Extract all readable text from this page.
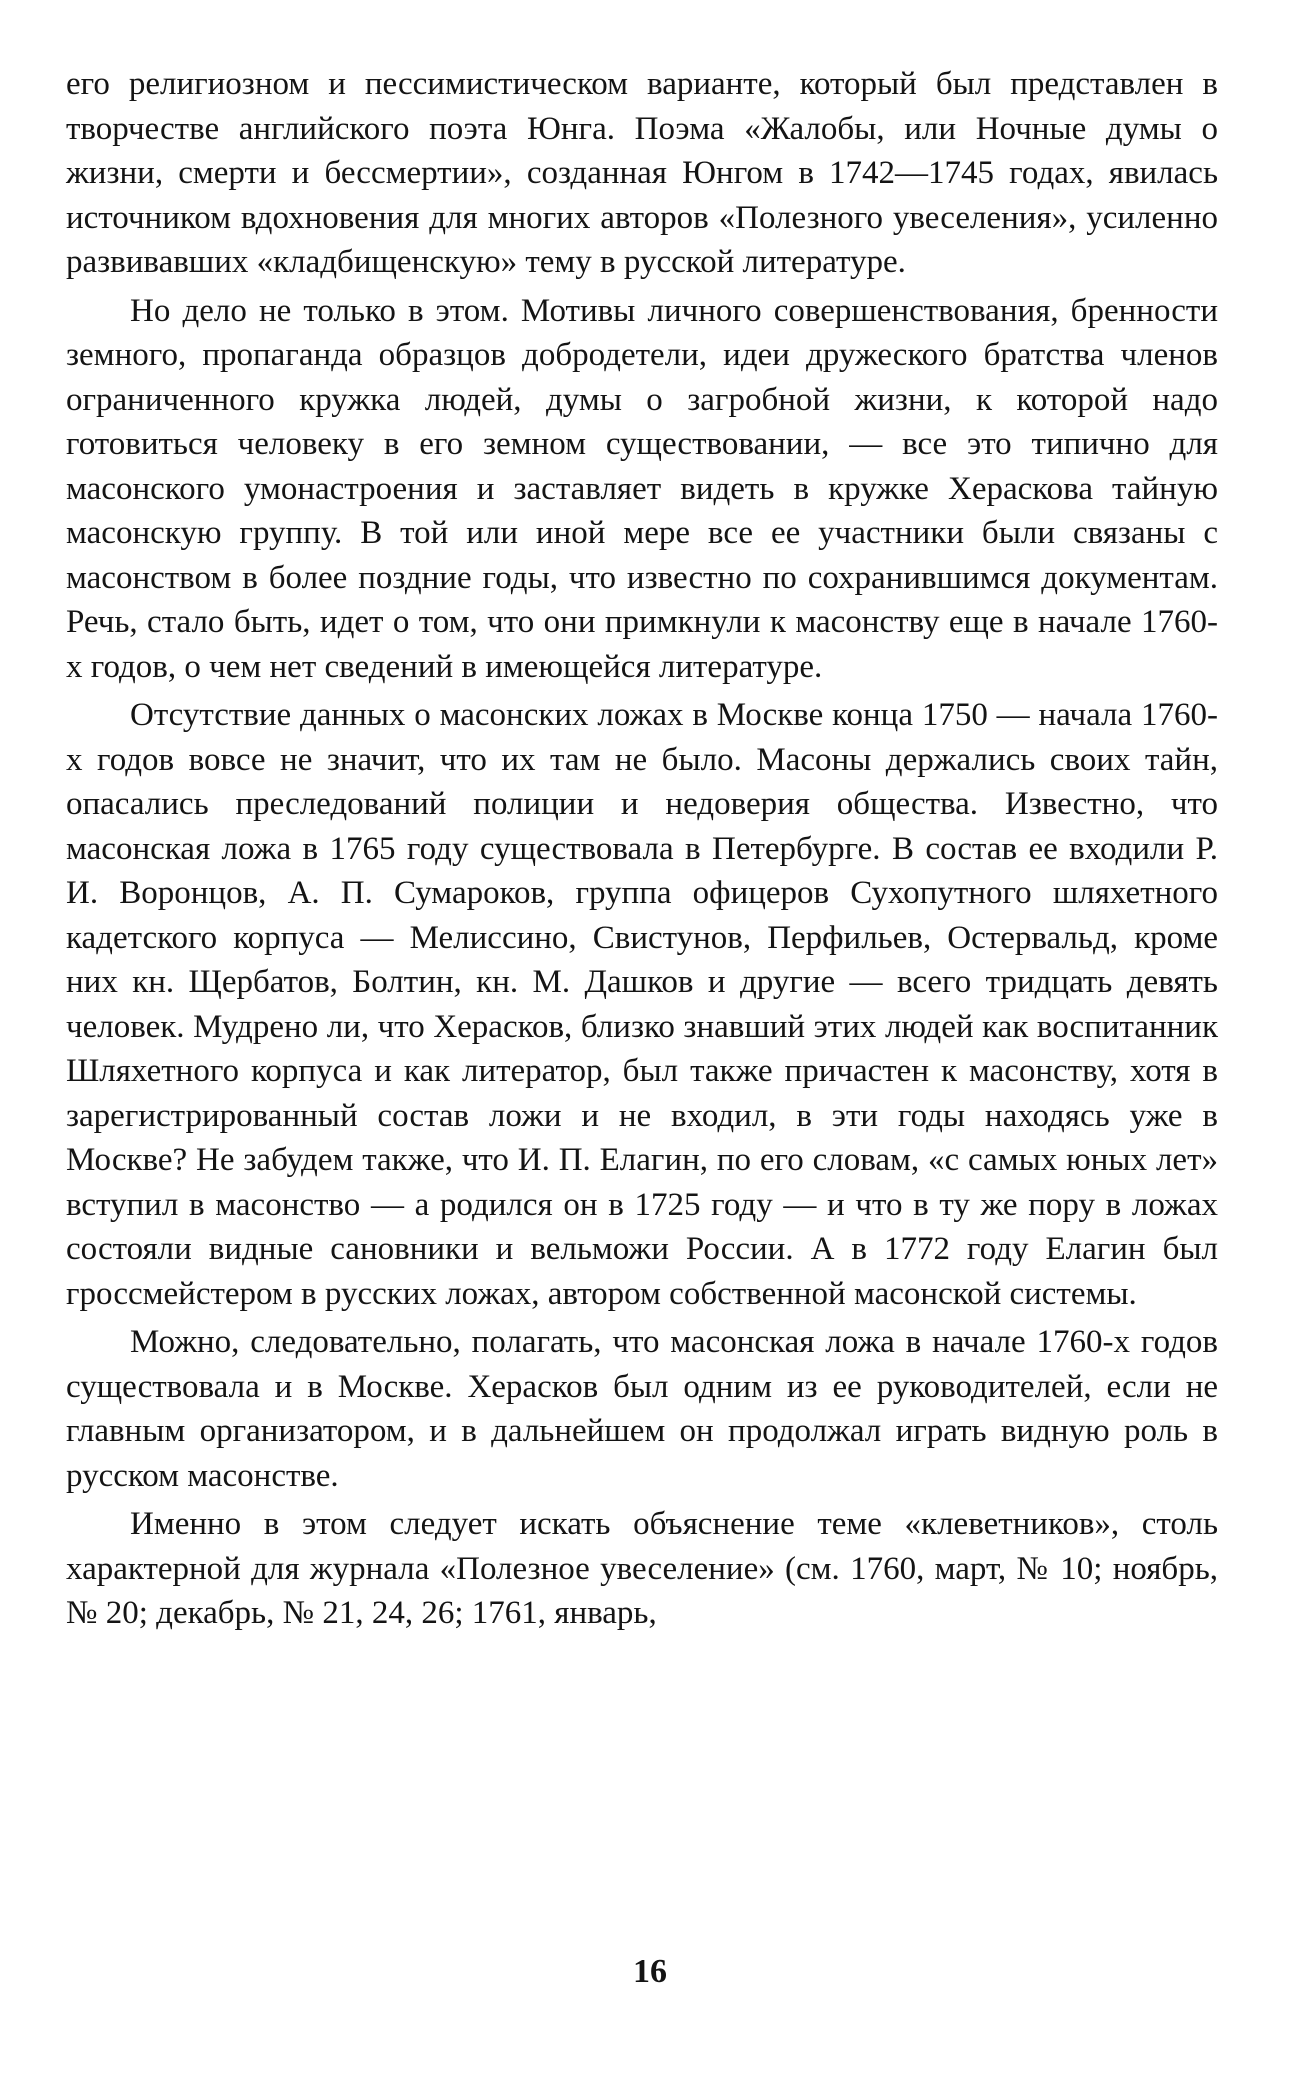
его религиозном и пессимистическом варианте, который был представлен в творчестве английского поэта Юнга. Поэма «Жалобы, или Ночные думы о жизни, смерти и бессмертии», созданная Юнгом в 1742—1745 годах, явилась источником вдохновения для многих авторов «Полезного увеселения», усиленно развивавших «кладбищенскую» тему в русской литературе.

Но дело не только в этом. Мотивы личного совершенствования, бренности земного, пропаганда образцов добродетели, идеи дружеского братства членов ограниченного кружка людей, думы о загробной жизни, к которой надо готовиться человеку в его земном существовании, — все это типично для масонского умонастроения и заставляет видеть в кружке Хераскова тайную масонскую группу. В той или иной мере все ее участники были связаны с масонством в более поздние годы, что известно по сохранившимся документам. Речь, стало быть, идет о том, что они примкнули к масонству еще в начале 1760-х годов, о чем нет сведений в имеющейся литературе.

Отсутствие данных о масонских ложах в Москве конца 1750 — начала 1760-х годов вовсе не значит, что их там не было. Масоны держались своих тайн, опасались преследований полиции и недоверия общества. Известно, что масонская ложа в 1765 году существовала в Петербурге. В состав ее входили Р. И. Воронцов, А. П. Сумароков, группа офицеров Сухопутного шляхетного кадетского корпуса — Мелиссино, Свистунов, Перфильев, Остервальд, кроме них кн. Щербатов, Болтин, кн. М. Дашков и другие — всего тридцать девять человек. Мудрено ли, что Херасков, близко знавший этих людей как воспитанник Шляхетного корпуса и как литератор, был также причастен к масонству, хотя в зарегистрированный состав ложи и не входил, в эти годы находясь уже в Москве? Не забудем также, что И. П. Елагин, по его словам, «с самых юных лет» вступил в масонство — а родился он в 1725 году — и что в ту же пору в ложах состояли видные сановники и вельможи России. А в 1772 году Елагин был гроссмейстером в русских ложах, автором собственной масонской системы.

Можно, следовательно, полагать, что масонская ложа в начале 1760-х годов существовала и в Москве. Херасков был одним из ее руководителей, если не главным организатором, и в дальнейшем он продолжал играть видную роль в русском масонстве.

Именно в этом следует искать объяснение теме «клеветников», столь характерной для журнала «Полезное увеселение» (см. 1760, март, № 10; ноябрь, № 20; декабрь, № 21, 24, 26; 1761, январь,

16
